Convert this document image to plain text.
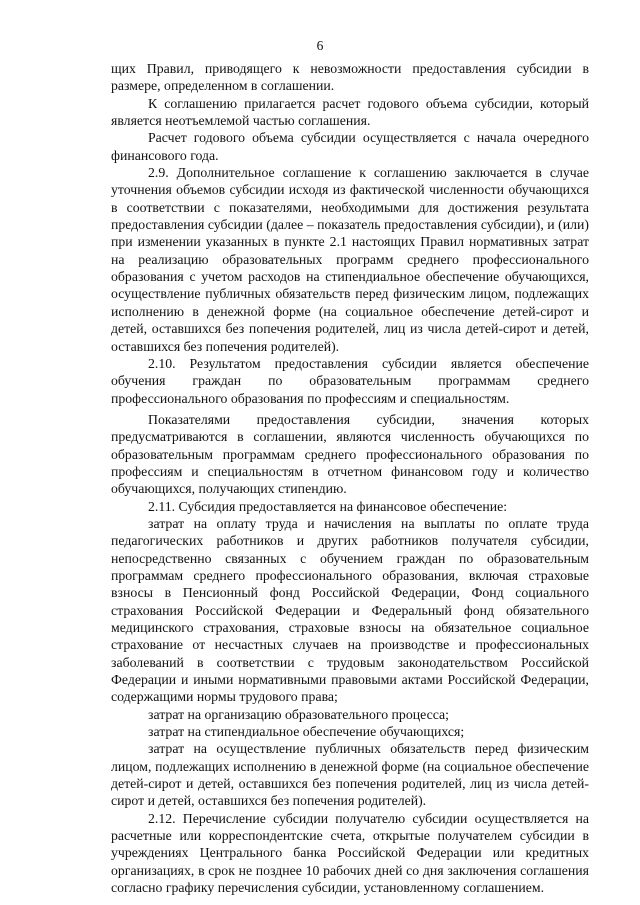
6

щих Правил, приводящего к невозможности предоставления субсидии в размере, определенном в соглашении.

К соглашению прилагается расчет годового объема субсидии, который является неотъемлемой частью соглашения.

Расчет годового объема субсидии осуществляется с начала очередного финансового года.

2.9. Дополнительное соглашение к соглашению заключается в случае уточнения объемов субсидии исходя из фактической численности обучающихся в соответствии с показателями, необходимыми для достижения результата предоставления субсидии (далее – показатель предоставления субсидии), и (или) при изменении указанных в пункте 2.1 настоящих Правил нормативных затрат на реализацию образовательных программ среднего профессионального образования с учетом расходов на стипендиальное обеспечение обучающихся, осуществление публичных обязательств перед физическим лицом, подлежащих исполнению в денежной форме (на социальное обеспечение детей-сирот и детей, оставшихся без попечения родителей, лиц из числа детей-сирот и детей, оставшихся без попечения родителей).

2.10. Результатом предоставления субсидии является обеспечение обучения граждан по образовательным программам среднего профессионального образования по профессиям и специальностям.

Показателями предоставления субсидии, значения которых предусматриваются в соглашении, являются численность обучающихся по образовательным программам среднего профессионального образования по профессиям и специальностям в отчетном финансовом году и количество обучающихся, получающих стипендию.

2.11. Субсидия предоставляется на финансовое обеспечение:

затрат на оплату труда и начисления на выплаты по оплате труда педагогических работников и других работников получателя субсидии, непосредственно связанных с обучением граждан по образовательным программам среднего профессионального образования, включая страховые взносы в Пенсионный фонд Российской Федерации, Фонд социального страхования Российской Федерации и Федеральный фонд обязательного медицинского страхования, страховые взносы на обязательное социальное страхование от несчастных случаев на производстве и профессиональных заболеваний в соответствии с трудовым законодательством Российской Федерации и иными нормативными правовыми актами Российской Федерации, содержащими нормы трудового права;

затрат на организацию образовательного процесса;

затрат на стипендиальное обеспечение обучающихся;

затрат на осуществление публичных обязательств перед физическим лицом, подлежащих исполнению в денежной форме (на социальное обеспечение детей-сирот и детей, оставшихся без попечения родителей, лиц из числа детей-сирот и детей, оставшихся без попечения родителей).

2.12. Перечисление субсидии получателю субсидии осуществляется на расчетные или корреспондентские счета, открытые получателем субсидии в учреждениях Центрального банка Российской Федерации или кредитных организациях, в срок не позднее 10 рабочих дней со дня заключения соглашения согласно графику перечисления субсидии, установленному соглашением.
